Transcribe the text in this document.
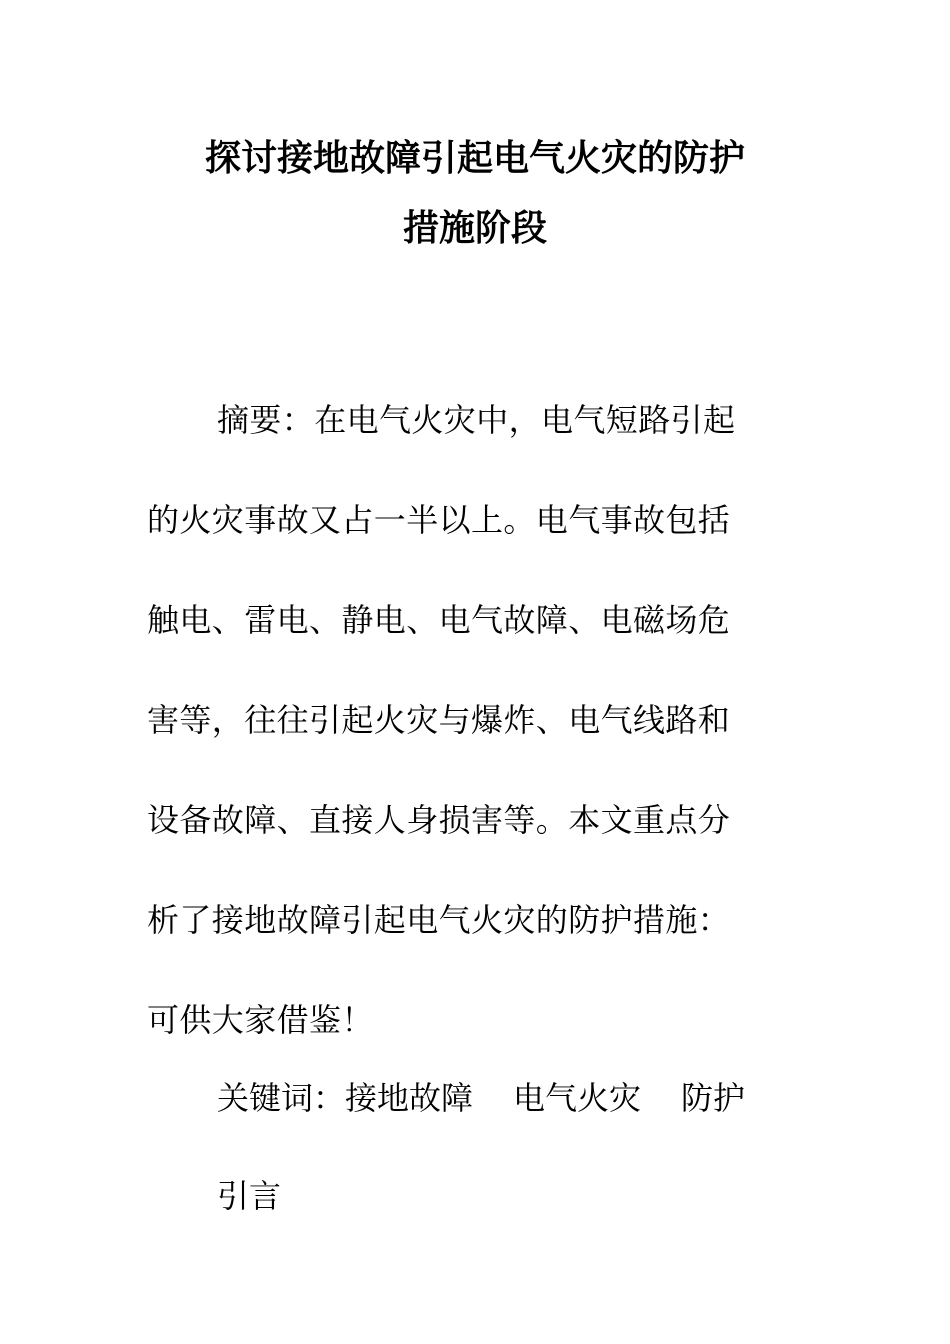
探讨接地故障引起电气火灾的防护
措施阶段
摘要：在电气火灾中，电气短路引起
的火灾事故又占一半以上。电气事故包括
触电、雷电、静电、电气故障、电磁场危
害等，往往引起火灾与爆炸、电气线路和
设备故障、直接人身损害等。本文重点分
析了接地故障引起电气火灾的防护措施：
可供大家借鉴！

关键词：接地故障 电气火灾 防护

引言
